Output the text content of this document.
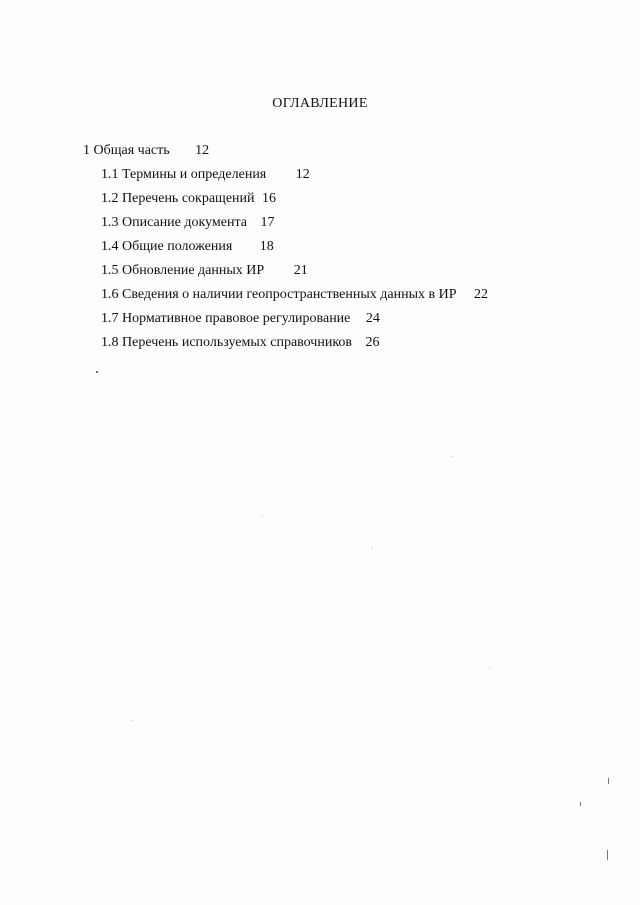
ОГЛАВЛЕНИЕ
1 Общая часть 12
1.1 Термины и определения 12
1.2 Перечень сокращений 16
1.3 Описание документа 17
1.4 Общие положения 18
1.5 Обновление данных ИР 21
1.6 Сведения о наличии геопространственных данных в ИР 22
1.7 Нормативное правовое регулирование 24
1.8 Перечень используемых справочников 26
